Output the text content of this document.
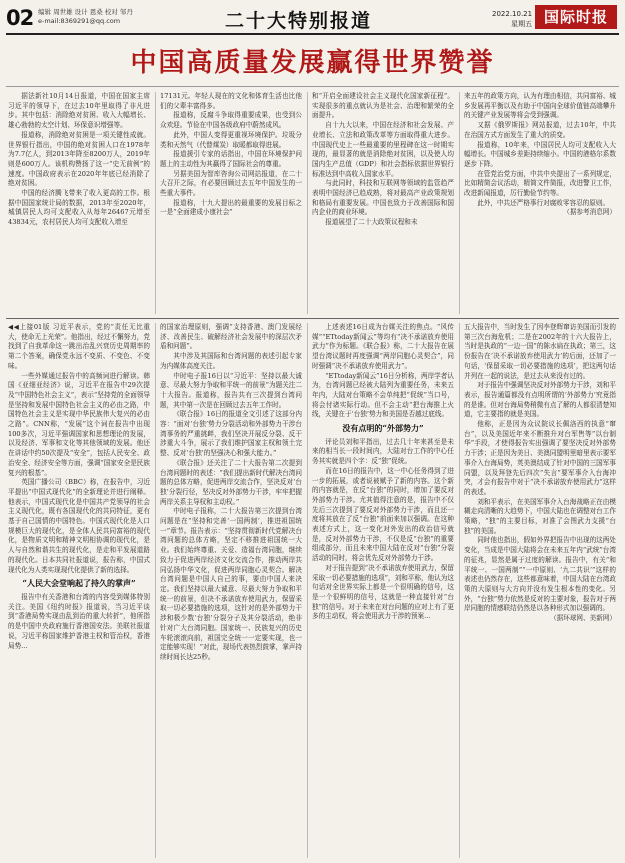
02 编辑 周世雄 设计 恩桑 校对 邹丹
e-mail:8369291@qq.com	二十大特别报道	2022.10.21
星期五 国际时报
中国高质量发展赢得世界赞誉

据法新社10月14日报道，中国在国家主席习近平的领导下，在过去10年里取得了非凡进步。其中包括：消除绝对贫困、收入大幅增长、雄心勃勃的太空计划、环保意识增强等。

报道称，消除绝对贫困是一项关键性成就。世界银行指出，中国的绝对贫困人口在1978年为7.7亿人，到2013年降至8200万人，2019年则是600万人。该机构赞扬了这一“史无前例”的速度。中国政府表示在2020年年底已经消除了绝对贫困。

中国的经济腾飞带来了收入更高的工作。根据中国国家统计局的数据，2013年至2020年，城镇居民人均可支配收入从每年26467元增至43834元，农村居民人均可支配收入增至

17131元。年轻人现在的文化和体育生活也比他们的父辈丰富得多。

报道称，反腐斗争取得重要成果，也受到公众欢迎。节俭在中国各级政府中蔚然成风。

此外，中国人变得更重视环境保护。垃圾分类和天然气（代替煤炭）取暖都取得进展。

报道援引专家的话指出，中国在环境保护问题上的主动性为其赢得了国际社会的尊重。

另据美国为智库咨询公司网站报道，在二十大召开之际，有必要回顾过去五年中国发生的一些重大事件。

报道称，十九大提出的最重要的发展目标之一是“全面建成小康社会”

和“开启全面建设社会主义现代化国家新征程”。实现很多的重点就认为是社会、治理和繁荣的全面提升。

自十九大以来，中国在经济和社会发展、产业增长、立法和政策改革等方面取得重大进步。中国现代史上一些最重要的里程碑在这一时期实现的，最显著的就是消除绝对贫困，以及使人均国内生产总值（GDP）和社会指标依据世界银行标准达到中高收入国家水平。

与此同时，科技和互联网等领域的监管趋严表明中国经济已趋成熟，将对最高产业政策规划和格局有重要发展。中国也致力于改善国际和国内企业的商业环境。

报道展望了二十大政策议程和未

来五年的政策方向，认为有理由相信，共同富裕、城乡发展再平衡以及有助于中国向全球价值链高端攀升的关键产业发展等将会受到强调。

又据《俄罗斯报》网站报道，过去10年，中共在治国方式方面发生了重大的质变。

报道称，10年来，中国居民人均可支配收入大幅增长。中国城乡差距持续缩小。中国的港格尔系数逐步下降。

在管党治党方面，中共中央提出了一系列规定，比如精简会议活动，精简文件简报，改进警卫工作，改进新闻报道，厉行勤俭节约等。

此外，中共还严格事行对腐败零容忍的原则。

（据参考消息网）

◀◀上接01版 习近平表示，党的“责任无比重大，使命无上光荣”。他指出，经过不懈努力，党找到了自我革命这一跳出治乱兴衰历史周期率的第二个答案，确保党永远不变质、不变色、不变味。

一些外媒通过报告中的高频词进行解读。韩国《亚细亚经济》说，习近平在报告中29次提及“中国特色社会主义”，表示“坚持党的全面领导是坚持和发展中国特色社会主义的必由之路，中国特色社会主义是实现中华民族伟大复兴的必由之路”。CNN称，“发展”这个词在报告中出现100多次，习近平强调国家和思想理论的发展，以及经济、军事和文化等其他领域的发展。他还在讲话中约50次提及“安全”，包括人民安全、政治安全、经济安全等方面，强调“国家安全是民族复兴的根基”。

英国广播公司（BBC）称，在报告中，习近平提出“中国式现代化”的全新理论并进行阐释。他表示，中国式现代化是中国共产党领导的社会主义现代化，既有各国现代化的共同特征，更有基于自己国情的中国特色。中国式现代化是人口规模巨大的现代化，是全体人民共同富裕的现代化，是物质文明和精神文明相协调的现代化，是人与自然和谐共生的现代化，是走和平发展道路的现代化。日本共同社报道说，报告称，中国式现代化为人类实现现代化提供了新的选择。

“人民大会堂响起了持久的掌声”

报告中有关香港和台湾的内容受到媒体特别关注。美国《纽约时报》报道说，当习近平谈到“香港局势实现由乱到治的重大转折”，他所指的是中国中央政府施行香港国安法。美联社报道说，习近平称国家维护香港主权和管治权，香港局势...

的国家治理原则，强调“支持香港、澳门发展经济、改善民生、破解经济社会发展中的深层次矛盾和问题”。

其中涉及其国际和台湾问题的表述引起专家为内媒体高度关注。

中时电子报16日以“习近平：坚持以最大诚意、尽最大努力争取和平统一的前景”为题关注二十大报告。报道称，报告共有三次提到台湾问题，其中第一次是在回顾过去五年工作时。

《联合报》16日的报道全文引述了这部分内容：“面对‘台独’势力分裂活动和外部势力干涉台湾事务的严重挑衅，我们坚决开展反分裂、反干涉重大斗争，展示了我们维护国家主权和领土完整、反对‘台独’的坚强决心和强大能力。”

《联合报》还关注了二十大报告第二次提到台湾问题时的表述：“我们提出新时代解决台湾问题的总体方略，促进两岸交流合作，坚决反对‘台独’分裂行径，坚决反对外部势力干涉，牢牢把握两岸关系主导权和主动权。”

中时电子报称，二十大报告第三次提到台湾问题是在“坚持和完善‘一国两制’，推进祖国统一”章节。报告表示：“坚持贯彻新时代党解决台湾问题的总体方略，坚定不移推进祖国统一大业。我们始终尊重、关爱、造福台湾同胞，继续致力于促进两岸经济文化交流合作，推动两岸共同弘扬中华文化，促进两岸同胞心灵契合。解决台湾问题是中国人自己的事，要由中国人来决定。我们坚持以最大诚意、尽最大努力争取和平统一的前景，但决不承诺放弃使用武力，保留采取一切必要措施的选项，这针对的是外部势力干涉和极少数‘台独’分裂分子及其分裂活动，绝非针对广大台湾同胞。国家统一、民族复兴的历史车轮滚滚向前，祖国完全统一一定要实现，也一定能够实现！”对此，现场代表热烈鼓掌，掌声持续时间长达25秒。

上述表述16日成为台媒关注的焦点。“风传媒”“ETtoday新闻云”等均有“决不承诺放弃使用武力”作为标题。《联合报》称，二十大报告在展望台湾议题时再度强调“两岸同胞心灵契合”，同时强调“决不承诺放弃使用武力”。

“ETtoday新闻云”16日分析称，两岸学者认为，台湾问题已经被大陆列为重要任务，未来五年内，大陆对台策略不会单纯把“促统”当口号，将会付诸实际行动。但不会主动“把台海推上火线，关键在于‘台独’势力和美国是否越过底线。

没有点明的“外部势力”

评论员刘和平指出，过去几十年来甚至是未来的相当长一段时间内，大陆对台工作的中心任务其实就是四个字：反“独”促统。

而在16日的报告中，这一中心任务得到了进一步的拓展，或者说被赋予了新的内容。这个新的内容就是，在反“台独”的同时，增加了要反对外部势力干涉。尤其值得注意的是，报告中不仅先后三次提到了要反对外部势力干涉，而且还一度将其放在了反“台独”前面来加以强调。在这种表述方式上，这一变化对外发出的政治信号就是，反对外部势力干涉，不仅是反“台独”的重要组成部分，而且未来中国大陆在反对“台独”分裂活动的同时，将会优先反对外部势力干涉。

对于报告提到“决不承诺放弃使用武力，保留采取一切必要措施的选项”，刘和平称，他认为这句话对全世界实际上都是一个很明确的信号，这是一个很鲜明的信号，这就是一种直接针对“台独”的信号。对于未来在对台问题的应对上有了更多的主动权，将会使用武力干涉的预案...

五大报告中，当时发生了因李登辉窜访美国而引发的第三次台海危机；二是在2002年的十六大报告上，当时是执政的“一边一国”的陈水扁在执政；第三，这份报告在‘决不承诺放弃使用武力’的后面，还加了一句话，‘保留采取一切必要措施的选项’，把这两句话并列在一起的说法，是过去从来没有过的。

对于报告中强调坚决反对外部势力干涉，刘和平表示，报告通篇都没有点明所谓的‘外部势力’究竟指的是谁。但对台海局势稍微有点了解的人都很清楚知道，它主要指的就是美国。

他称，正是因为众议院议长佩洛西的执意“窜台”，以及美国近年来不断推升对台军售等”以台制华”手段，才使得报告实出强调了要坚决反对外部势力干涉；正是因为美日、美澳同盟明里暗里表示要军事介入台海局势，英美澳结成了针对中国的三国军事同盟，以及拜登先后四次“失言”要军事介入台海冲突，才会有报告中对于“决不承诺放弃使用武力”这样的表述。

刘和平表示，在美国军事介入台海战略正在由模糊走向清晰的大趋势下，中国大陆也在调整对台工作策略，“独”的主要目标，对准了会图武力支援“台独”的美国。

同时他也指出，假如外界把报告中出现的这两处变化，当成是中国大陆将会在未来五年内“武统”台湾的征兆，显然是属于过度的解读。报告中，有关“和平统一、一国两制”“一中原则、‘九二共识’”这样的表述也仍然存在，这些都意味着，中国大陆在台湾政策的大原则与大方向并没有发生根本性的变化。另外，“台独”势力依然是反对的主要对象，报告对于两岸同胞的情感联结仍然是以各种形式加以强调的。

（据环球网、美新网）
